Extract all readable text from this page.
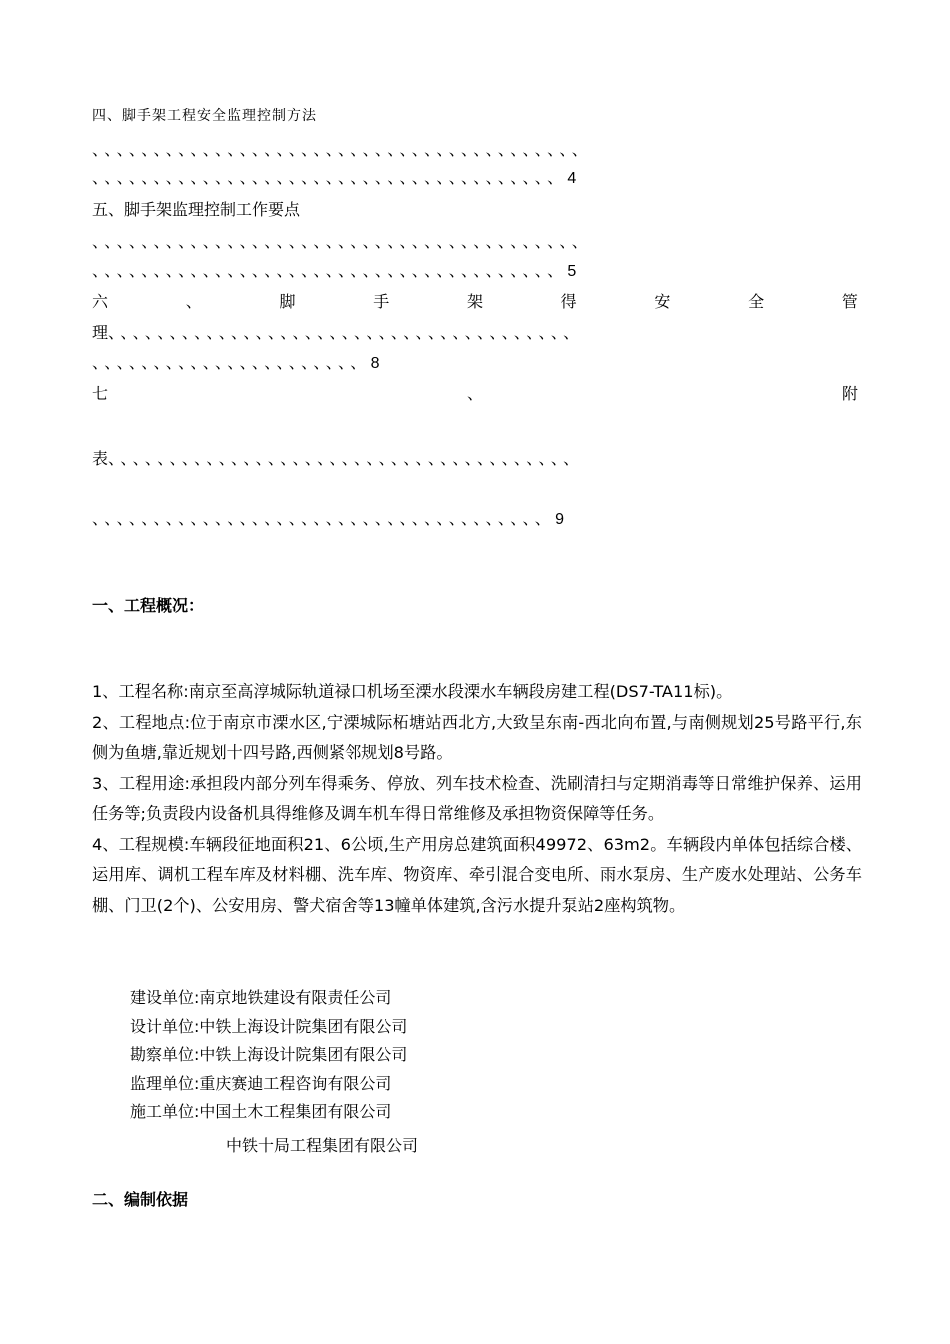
四、脚手架工程安全监理控制方法
、、、、、、、、、、、、、、、、、、、、、、、、、、、、、、、、、、、、、、、、
、、、、、、、、、、、、、、、、、、、、、、、、、、、、、、、、、、、、、、4
五、脚手架监理控制工作要点
、、、、、、、、、、、、、、、、、、、、、、、、、、、、、、、、、、、、、、、、
、、、、、、、、、、、、、、、、、、、、、、、、、、、、、、、、、、、、、、5
六	、	脚	手	架	得	安	全	管
理、、、、、、、、、、、、、、、、、、、、、、、、、、、、、、、、、、、、、、
、、、、、、、、、、、、、、、、、、、、、、8
七	、	附
表、、、、、、、、、、、、、、、、、、、、、、、、、、、、、、、、、、、、、、
、、、、、、、、、、、、、、、、、、、、、、、、、、、、、、、、、、、、、9
一、工程概况：

1、工程名称:南京至高淳城际轨道禄口机场至溧水段溧水车辆段房建工程(DS7-TA11标)。

2、工程地点:位于南京市溧水区,宁溧城际柘塘站西北方,大致呈东南-西北向布置,与南侧规划25号路平行,东侧为鱼塘,靠近规划十四号路,西侧紧邻规划8号路。

3、工程用途:承担段内部分列车得乘务、停放、列车技术检查、洗刷清扫与定期消毒等日常维护保养、运用任务等;负责段内设备机具得维修及调车机车得日常维修及承担物资保障等任务。

4、工程规模:车辆段征地面积21、6公顷,生产用房总建筑面积49972、63m2。车辆段内单体包括综合楼、运用库、调机工程车库及材料棚、洗车库、物资库、牵引混合变电所、雨水泵房、生产废水处理站、公务车棚、门卫(2个)、公安用房、警犬宿舍等13幢单体建筑,含污水提升泵站2座构筑物。

建设单位:南京地铁建设有限责任公司
设计单位:中铁上海设计院集团有限公司
勘察单位:中铁上海设计院集团有限公司
监理单位:重庆赛迪工程咨询有限公司
施工单位:中国土木工程集团有限公司
中铁十局工程集团有限公司
二、编制依据
